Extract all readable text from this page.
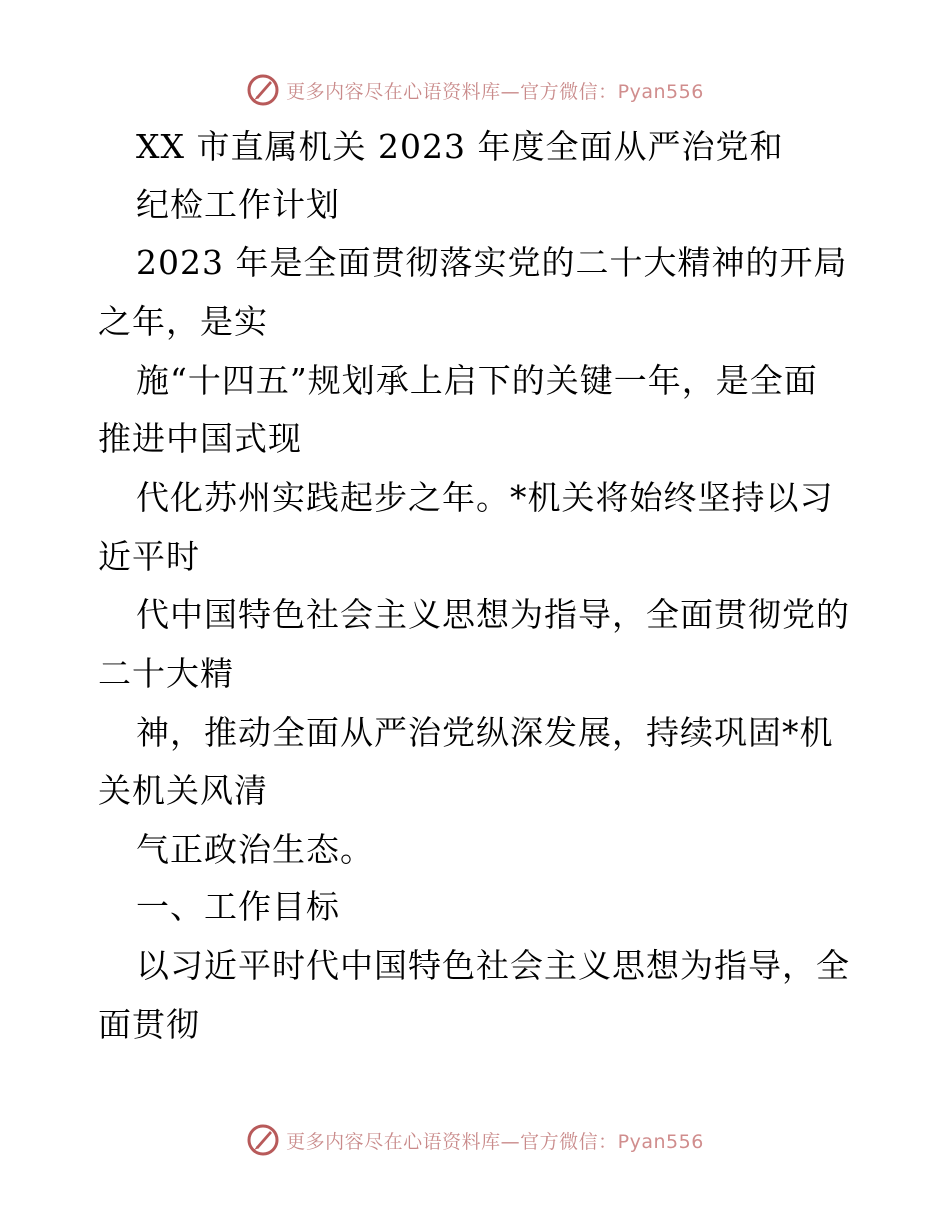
更多内容尽在心语资料库—官方微信：Pyan556
XX 市直属机关 2023 年度全面从严治党和
纪检工作计划
2023 年是全面贯彻落实党的二十大精神的开局
之年，是实
施“十四五”规划承上启下的关键一年，是全面
推进中国式现
代化苏州实践起步之年。*机关将始终坚持以习
近平时
代中国特色社会主义思想为指导，全面贯彻党的
二十大精
神，推动全面从严治党纵深发展，持续巩固*机
关机关风清
气正政治生态。
一、工作目标
以习近平时代中国特色社会主义思想为指导，全
面贯彻
更多内容尽在心语资料库—官方微信：Pyan556
